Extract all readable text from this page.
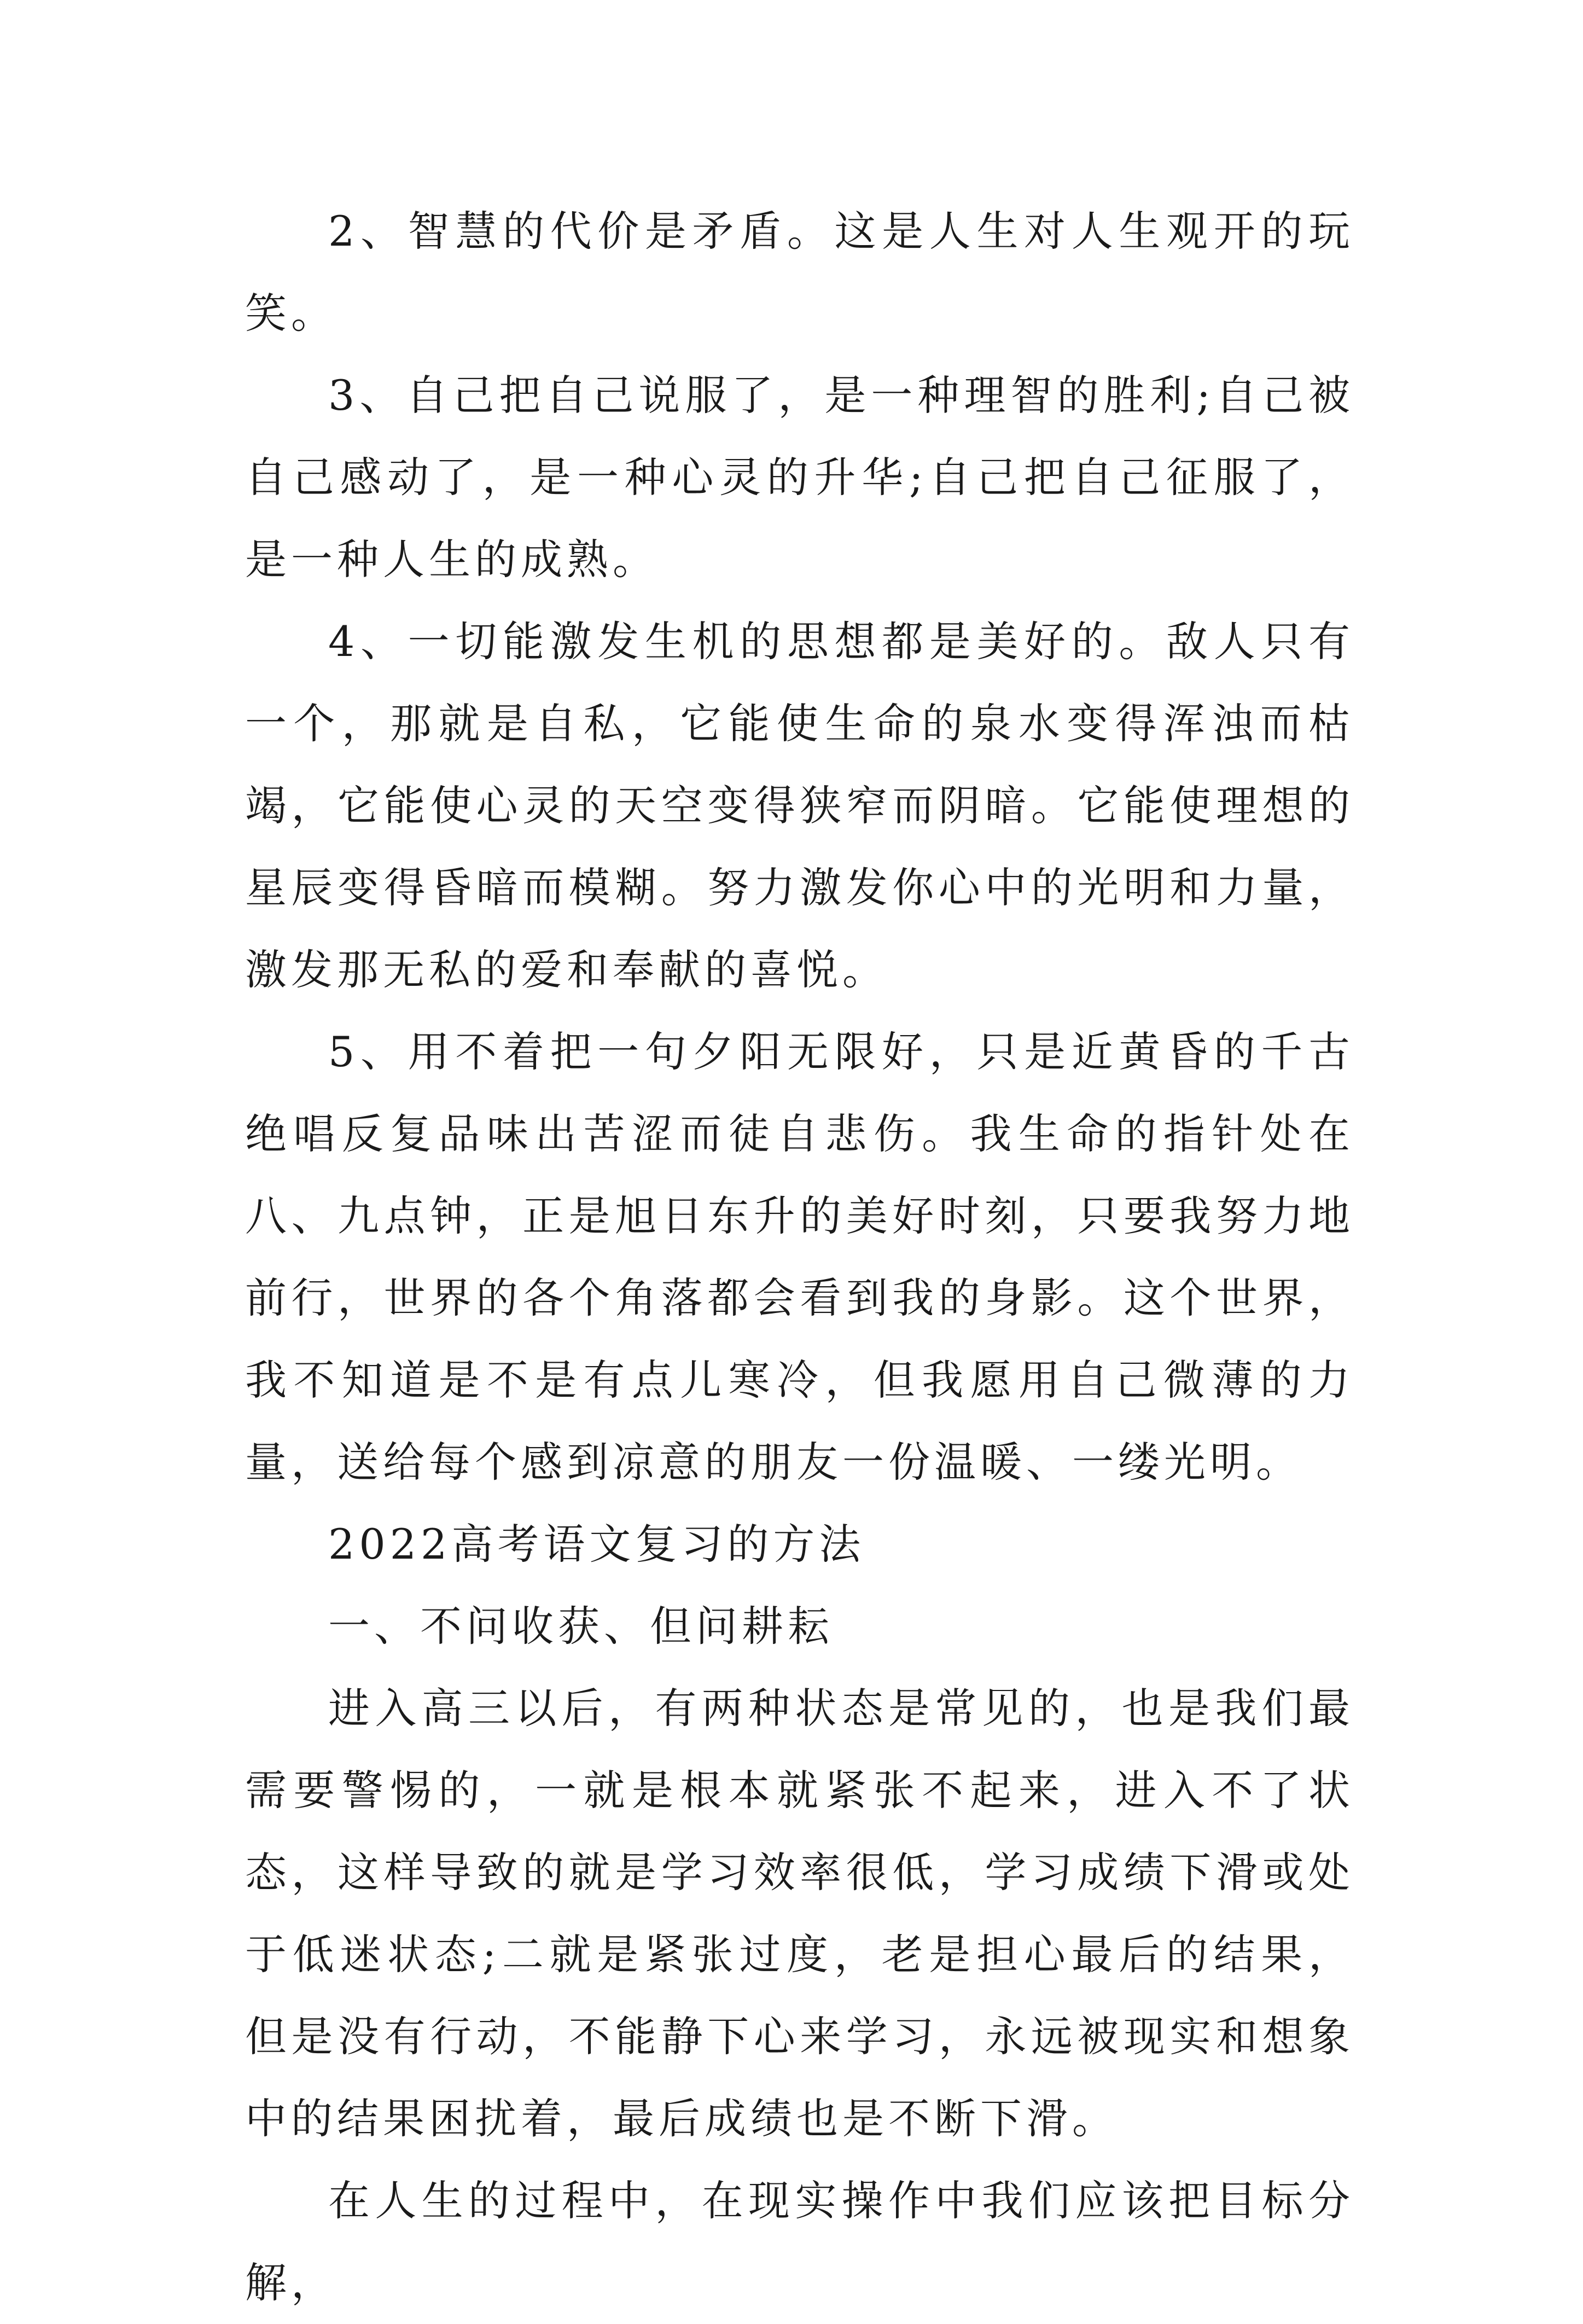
2、智慧的代价是矛盾。这是人生对人生观开的玩笑。

3、自己把自己说服了，是一种理智的胜利;自己被自己感动了，是一种心灵的升华;自己把自己征服了，是一种人生的成熟。

4、一切能激发生机的思想都是美好的。敌人只有一个，那就是自私，它能使生命的泉水变得浑浊而枯竭，它能使心灵的天空变得狭窄而阴暗。它能使理想的星辰变得昏暗而模糊。努力激发你心中的光明和力量，激发那无私的爱和奉献的喜悦。

5、用不着把一句夕阳无限好，只是近黄昏的千古绝唱反复品味出苦涩而徒自悲伤。我生命的指针处在八、九点钟，正是旭日东升的美好时刻，只要我努力地 前行，世界的各个角落都会看到我的身影。这个世界，我不知道是不是有点儿寒冷，但我愿用自己微薄的力量，送给每个感到凉意的朋友一份温暖、一缕光明。

2022高考语文复习的方法

一、不问收获、但问耕耘

进入高三以后，有两种状态是常见的，也是我们最需要警惕的，一就是根本就紧张不起来，进入不了状态，这样导致的就是学习效率很低，学习成绩下滑或处于低迷状态;二就是紧张过度，老是担心最后的结果，但是没有行动，不能静下心来学习，永远被现实和想象中的结果困扰着，最后成绩也是不断下滑。

在人生的过程中，在现实操作中我们应该把目标分解，
